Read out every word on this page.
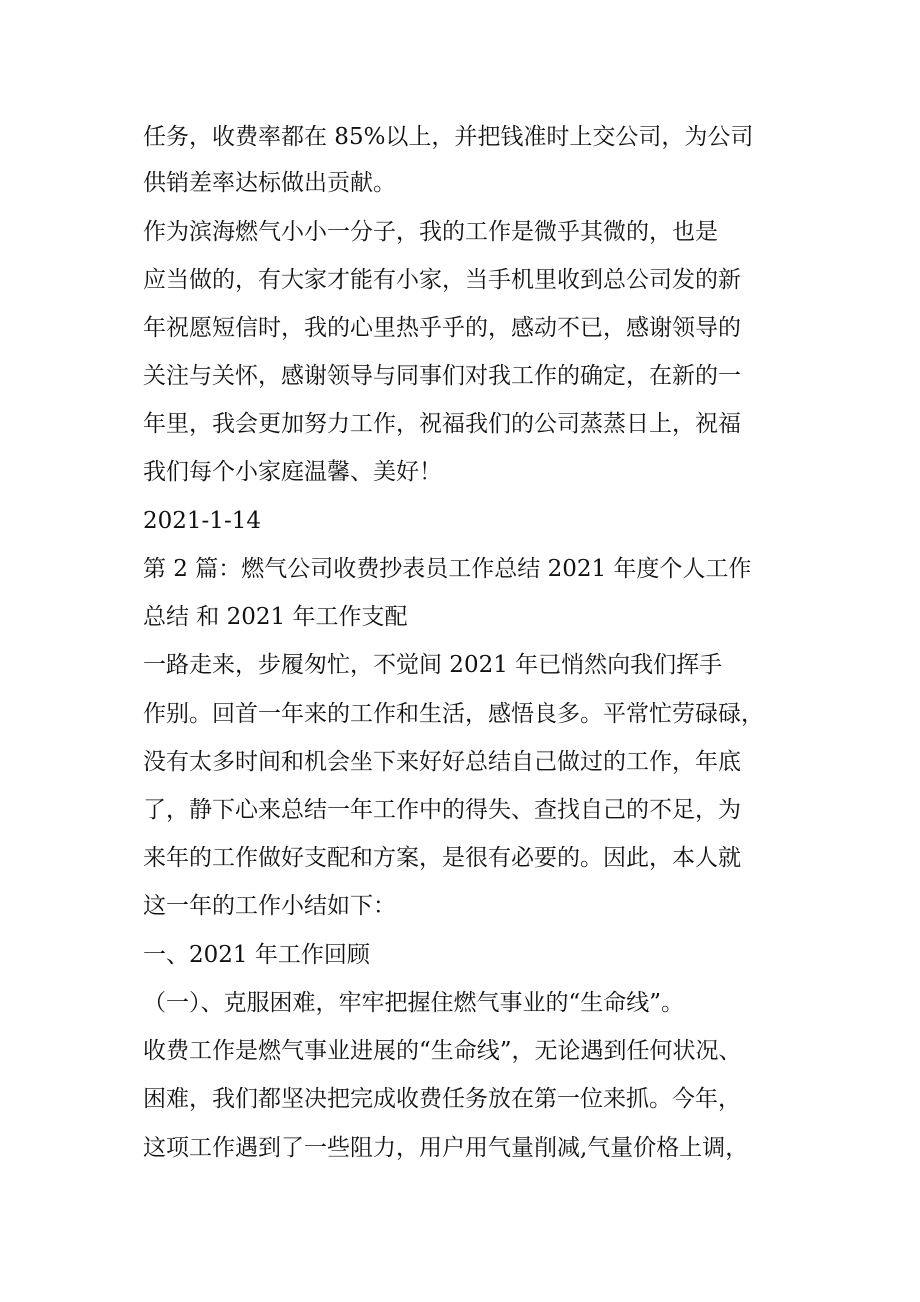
任务，收费率都在 85%以上，并把钱准时上交公司，为公司
供销差率达标做出贡献。
作为滨海燃气小小一分子，我的工作是微乎其微的，也是
应当做的，有大家才能有小家，当手机里收到总公司发的新
年祝愿短信时，我的心里热乎乎的，感动不已，感谢领导的
关注与关怀，感谢领导与同事们对我工作的确定，在新的一
年里，我会更加努力工作，祝福我们的公司蒸蒸日上，祝福
我们每个小家庭温馨、美好！
2021-1-14
第 2 篇：燃气公司收费抄表员工作总结 2021 年度个人工作
总结 和 2021 年工作支配
一路走来，步履匆忙，不觉间 2021 年已悄然向我们挥手
作别。回首一年来的工作和生活，感悟良多。平常忙劳碌碌，
没有太多时间和机会坐下来好好总结自己做过的工作，年底
了，静下心来总结一年工作中的得失、查找自己的不足，为
来年的工作做好支配和方案，是很有必要的。因此，本人就
这一年的工作小结如下：
一、2021 年工作回顾
（一）、克服困难，牢牢把握住燃气事业的“生命线”。
收费工作是燃气事业进展的“生命线”，无论遇到任何状况、
困难，我们都坚决把完成收费任务放在第一位来抓。今年，
这项工作遇到了一些阻力，用户用气量削减,气量价格上调，
